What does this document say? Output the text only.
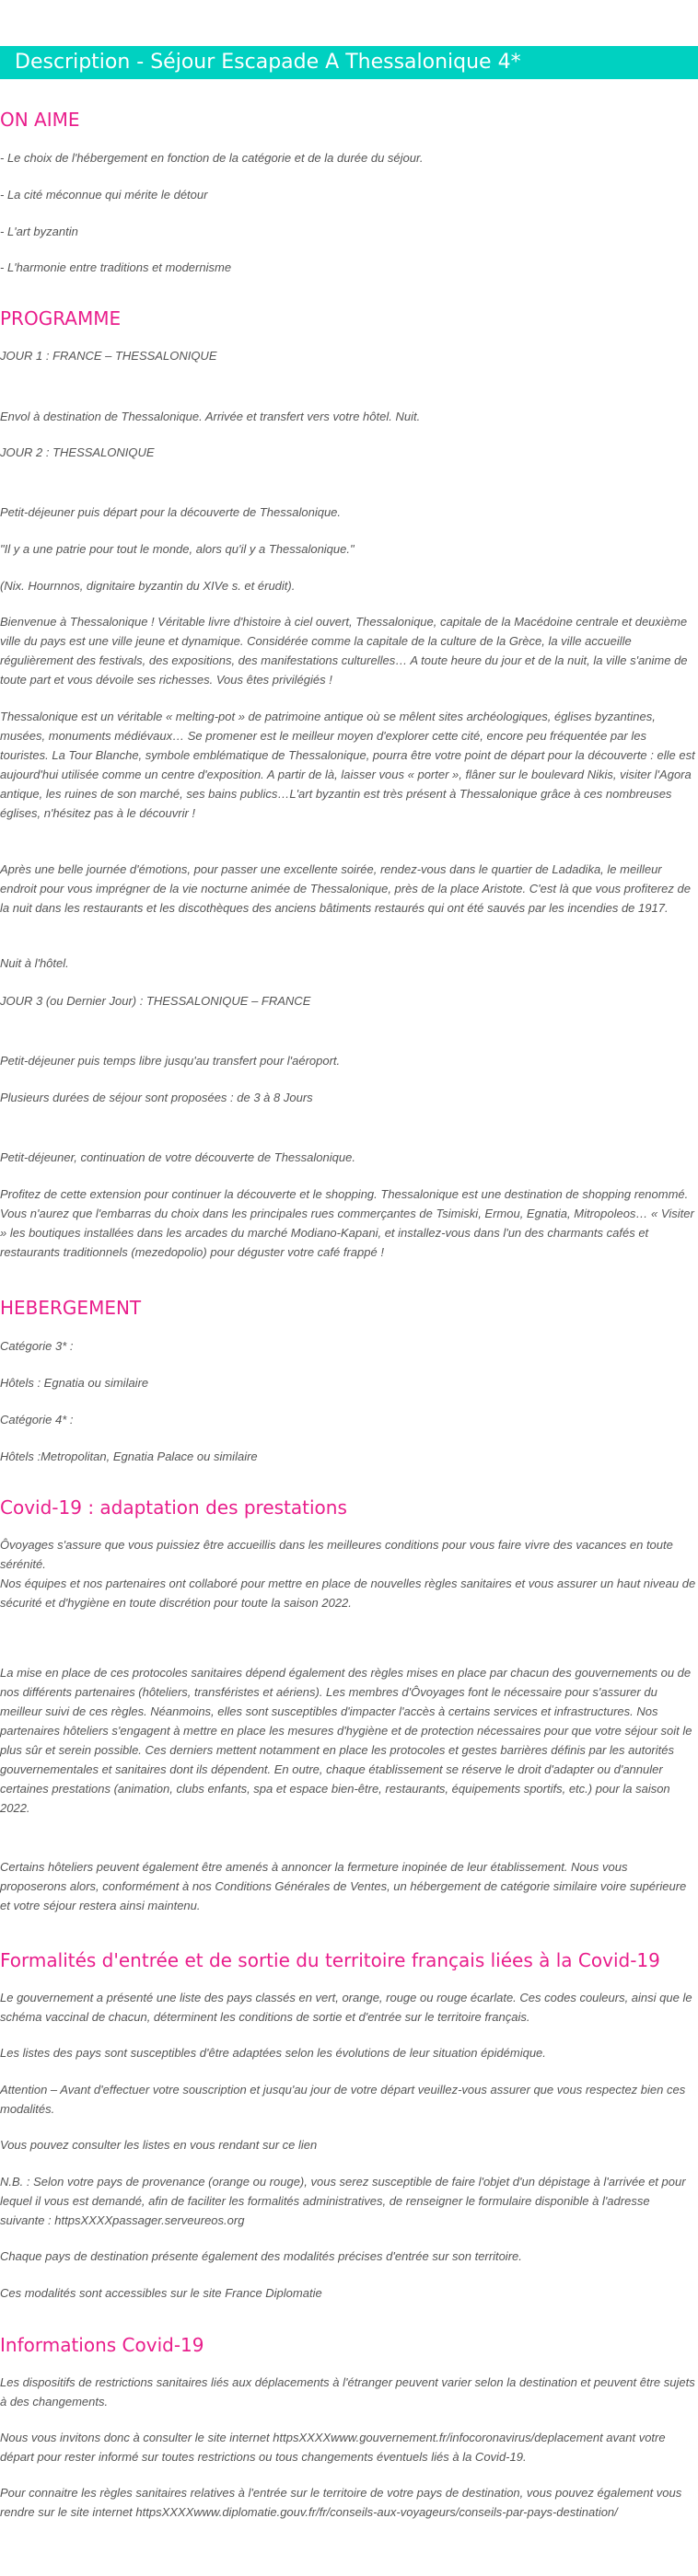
Description - Séjour Escapade A Thessalonique 4*
ON AIME

- Le choix de l'hébergement en fonction de la catégorie et de la durée du séjour.

- La cité méconnue qui mérite le détour

- L'art byzantin

- L'harmonie entre traditions et modernisme

PROGRAMME

JOUR 1 : FRANCE – THESSALONIQUE

Envol à destination de Thessalonique. Arrivée et transfert vers votre hôtel. Nuit.

JOUR 2 : THESSALONIQUE

Petit-déjeuner puis départ pour la découverte de Thessalonique.

"Il y a une patrie pour tout le monde, alors qu'il y a Thessalonique."

(Nix. Hournnos, dignitaire byzantin du XIVe s. et érudit).

Bienvenue à Thessalonique ! Véritable livre d'histoire à ciel ouvert, Thessalonique, capitale de la Macédoine centrale et deuxième ville du pays est une ville jeune et dynamique. Considérée comme la capitale de la culture de la Grèce, la ville accueille régulièrement des festivals, des expositions, des manifestations culturelles… A toute heure du jour et de la nuit, la ville s'anime de toute part et vous dévoile ses richesses. Vous êtes privilégiés !

Thessalonique est un véritable « melting-pot » de patrimoine antique où se mêlent sites archéologiques, églises byzantines, musées, monuments médiévaux… Se promener est le meilleur moyen d'explorer cette cité, encore peu fréquentée par les touristes. La Tour Blanche, symbole emblématique de Thessalonique, pourra être votre point de départ pour la découverte : elle est aujourd'hui utilisée comme un centre d'exposition. A partir de là, laisser vous « porter », flâner sur le boulevard Nikis, visiter l'Agora antique, les ruines de son marché, ses bains publics…L'art byzantin est très présent à Thessalonique grâce à ces nombreuses églises, n'hésitez pas à le découvrir !

Après une belle journée d'émotions, pour passer une excellente soirée, rendez-vous dans le quartier de Ladadika, le meilleur endroit pour vous imprégner de la vie nocturne animée de Thessalonique, près de la place Aristote. C'est là que vous profiterez de la nuit dans les restaurants et les discothèques des anciens bâtiments restaurés qui ont été sauvés par les incendies de 1917.

Nuit à l'hôtel.

JOUR 3 (ou Dernier Jour) : THESSALONIQUE – FRANCE

Petit-déjeuner puis temps libre jusqu'au transfert pour l'aéroport.

Plusieurs durées de séjour sont proposées : de 3 à 8 Jours

Petit-déjeuner, continuation de votre découverte de Thessalonique.

Profitez de cette extension pour continuer la découverte et le shopping. Thessalonique est une destination de shopping renommé. Vous n'aurez que l'embarras du choix dans les principales rues commerçantes de Tsimiski, Ermou, Egnatia, Mitropoleos… « Visiter » les boutiques installées dans les arcades du marché Modiano-Kapani, et installez-vous dans l'un des charmants cafés et restaurants traditionnels (mezedopolio) pour déguster votre café frappé !

HEBERGEMENT

Catégorie 3* :

Hôtels : Egnatia ou similaire

Catégorie 4* :

Hôtels :Metropolitan, Egnatia Palace ou similaire

Covid-19 : adaptation des prestations

Ôvoyages s'assure que vous puissiez être accueillis dans les meilleures conditions pour vous faire vivre des vacances en toute sérénité.

Nos équipes et nos partenaires ont collaboré pour mettre en place de nouvelles règles sanitaires et vous assurer un haut niveau de sécurité et d'hygiène en toute discrétion pour toute la saison 2022.

La mise en place de ces protocoles sanitaires dépend également des règles mises en place par chacun des gouvernements ou de nos différents partenaires (hôteliers, transféristes et aériens). Les membres d'Ôvoyages font le nécessaire pour s'assurer du meilleur suivi de ces règles. Néanmoins, elles sont susceptibles d'impacter l'accès à certains services et infrastructures. Nos partenaires hôteliers s'engagent à mettre en place les mesures d'hygiène et de protection nécessaires pour que votre séjour soit le plus sûr et serein possible. Ces derniers mettent notamment en place les protocoles et gestes barrières définis par les autorités gouvernementales et sanitaires dont ils dépendent. En outre, chaque établissement se réserve le droit d'adapter ou d'annuler certaines prestations (animation, clubs enfants, spa et espace bien-être, restaurants, équipements sportifs, etc.) pour la saison 2022.

Certains hôteliers peuvent également être amenés à annoncer la fermeture inopinée de leur établissement. Nous vous proposerons alors, conformément à nos Conditions Générales de Ventes, un hébergement de catégorie similaire voire supérieure et votre séjour restera ainsi maintenu.

Formalités d'entrée et de sortie du territoire français liées à la Covid-19

Le gouvernement a présenté une liste des pays classés en vert, orange, rouge ou rouge écarlate. Ces codes couleurs, ainsi que le schéma vaccinal de chacun, déterminent les conditions de sortie et d'entrée sur le territoire français.

Les listes des pays sont susceptibles d'être adaptées selon les évolutions de leur situation épidémique.

Attention – Avant d'effectuer votre souscription et jusqu'au jour de votre départ veuillez-vous assurer que vous respectez bien ces modalités.

Vous pouvez consulter les listes en vous rendant sur ce lien

N.B. : Selon votre pays de provenance (orange ou rouge), vous serez susceptible de faire l'objet d'un dépistage à l'arrivée et pour lequel il vous est demandé, afin de faciliter les formalités administratives, de renseigner le formulaire disponible à l'adresse suivante : httpsXXXXpassager.serveureos.org

Chaque pays de destination présente également des modalités précises d'entrée sur son territoire.

Ces modalités sont accessibles sur le site France Diplomatie

Informations Covid-19

Les dispositifs de restrictions sanitaires liés aux déplacements à l'étranger peuvent varier selon la destination et peuvent être sujets à des changements.

Nous vous invitons donc à consulter le site internet httpsXXXXwww.gouvernement.fr/infocoronavirus/deplacement avant votre départ pour rester informé sur toutes restrictions ou tous changements éventuels liés à la Covid-19.

Pour connaitre les règles sanitaires relatives à l'entrée sur le territoire de votre pays de destination, vous pouvez également vous rendre sur le site internet httpsXXXXwww.diplomatie.gouv.fr/fr/conseils-aux-voyageurs/conseils-par-pays-destination/
